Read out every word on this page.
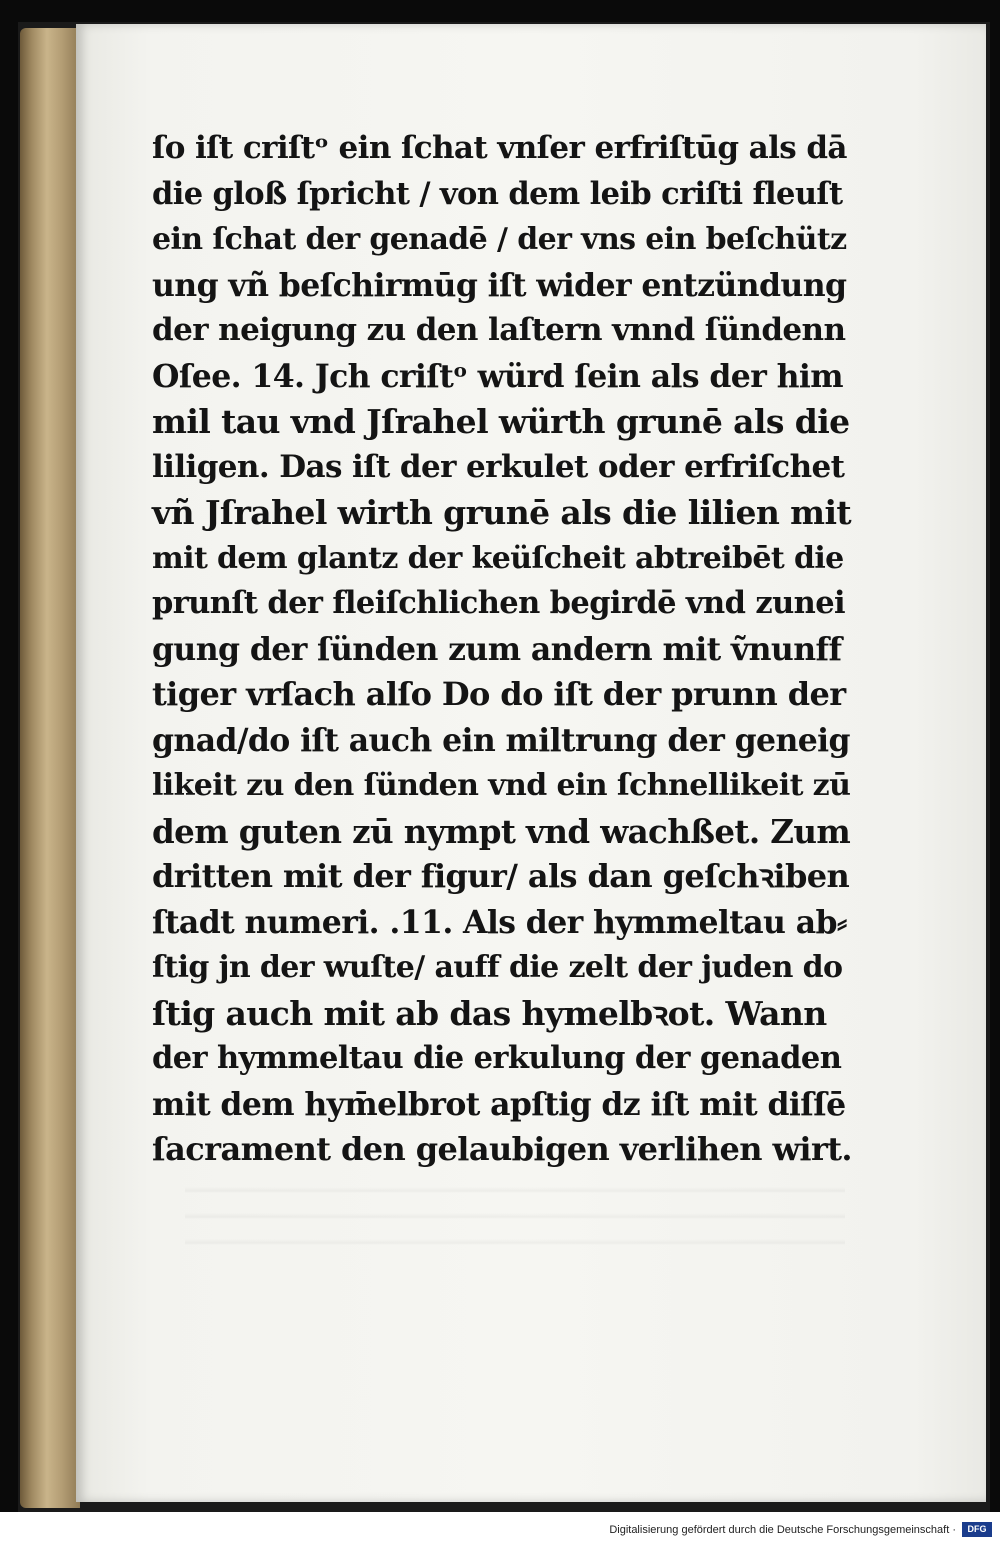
ſo iſt criſtᵒ ein ſchat vnſer erfriſtūg als dā
die gloß ſpricht / von dem leib criſti fleuſt
ein ſchat der genadē / der vns ein beſchütz
ung vñ beſchirmūg iſt wider entzündung
der neigung zu den laſtern vnnd ſündenn
Oſee. 14. Jch criſtᵒ würd ſein als der him
mil tau vnd Jſrahel würth grunē als die
liligen. Das iſt der erkulet oder erfriſchet
vñ Jſrahel wirth grunē als die lilien mit
mit dem glantz der keüſcheit abtreibēt die
prunſt der fleiſchlichen begirdē vnd zunei
gung der ſünden zum andern mit ṽnunff
tiger vrſach alſo Do do iſt der prunn der
gnad/do iſt auch ein miltrung der geneig
likeit zu den ſünden vnd ein ſchnellikeit zū
dem guten zū nympt vnd wachßet. Zum
dritten mit der figur/ als dan geſchꝛiben
ſtadt numeri. .11. Als der hymmeltau ab⸗
ſtig jn der wuſte/ auff die zelt der juden do
ſtig auch mit ab das hymelbꝛot. Wann
der hymmeltau die erkulung der genaden
mit dem hym̄elbrot apſtig dz iſt mit diſſē
ſacrament den gelaubigen verlihen wirt.
Digitalisierung gefördert durch die Deutsche Forschungsgemeinschaft ·	DFG
